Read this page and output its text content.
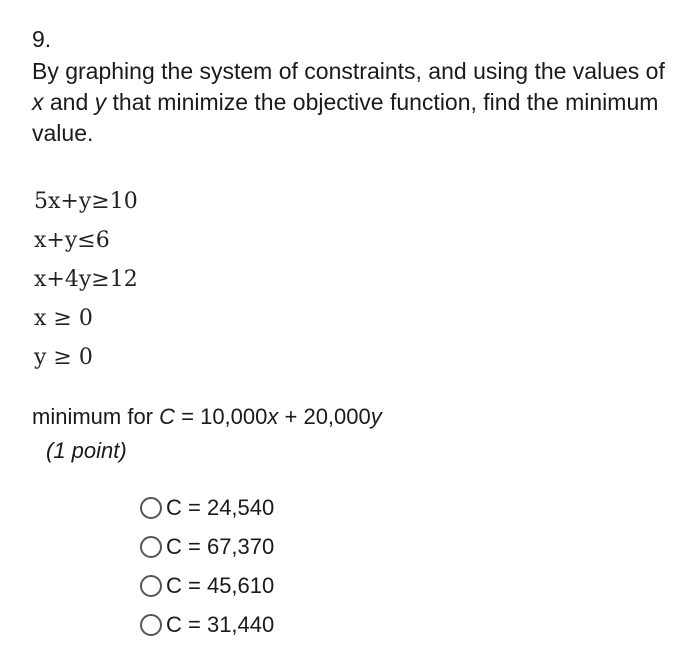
9.
By graphing the system of constraints, and using the values of x and y that minimize the objective function, find the minimum value.
5x+y≥10
x+y≤6
x+4y≥12
x ≥ 0
y ≥ 0
minimum for C = 10,000x + 20,000y
(1 point)
C = 24,540
C = 67,370
C = 45,610
C = 31,440
